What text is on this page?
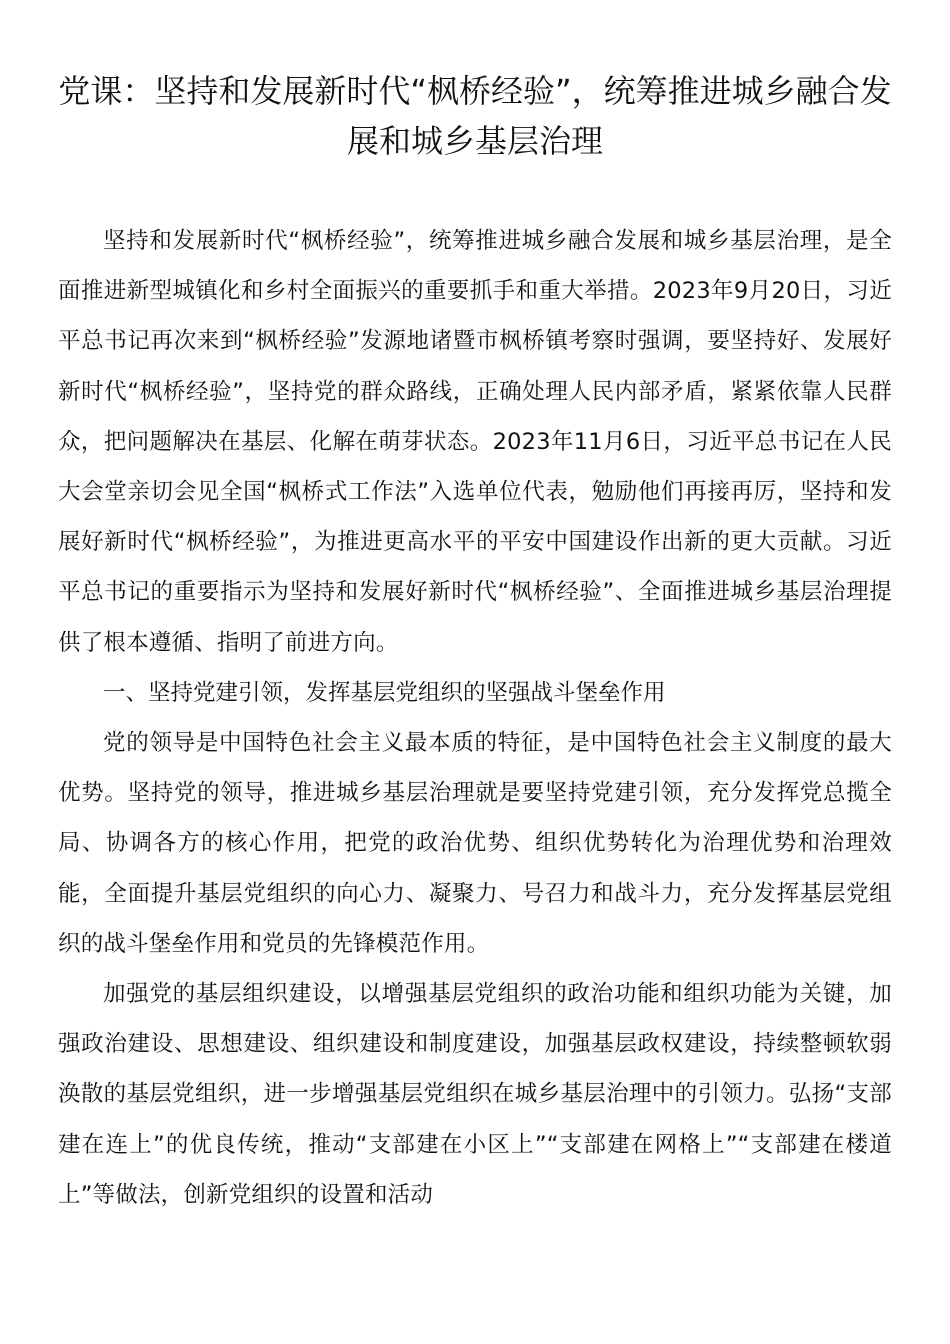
党课：坚持和发展新时代“枫桥经验”，统筹推进城乡融合发展和城乡基层治理

坚持和发展新时代“枫桥经验”，统筹推进城乡融合发展和城乡基层治理，是全面推进新型城镇化和乡村全面振兴的重要抓手和重大举措。2023年9月20日，习近平总书记再次来到“枫桥经验”发源地诸暨市枫桥镇考察时强调，要坚持好、发展好新时代“枫桥经验”，坚持党的群众路线，正确处理人民内部矛盾，紧紧依靠人民群众，把问题解决在基层、化解在萌芽状态。2023年11月6日，习近平总书记在人民大会堂亲切会见全国“枫桥式工作法”入选单位代表，勉励他们再接再厉，坚持和发展好新时代“枫桥经验”，为推进更高水平的平安中国建设作出新的更大贡献。习近平总书记的重要指示为坚持和发展好新时代“枫桥经验”、全面推进城乡基层治理提供了根本遵循、指明了前进方向。

一、坚持党建引领，发挥基层党组织的坚强战斗堡垒作用

党的领导是中国特色社会主义最本质的特征，是中国特色社会主义制度的最大优势。坚持党的领导，推进城乡基层治理就是要坚持党建引领，充分发挥党总揽全局、协调各方的核心作用，把党的政治优势、组织优势转化为治理优势和治理效能，全面提升基层党组织的向心力、凝聚力、号召力和战斗力，充分发挥基层党组织的战斗堡垒作用和党员的先锋模范作用。

加强党的基层组织建设，以增强基层党组织的政治功能和组织功能为关键，加强政治建设、思想建设、组织建设和制度建设，加强基层政权建设，持续整顿软弱涣散的基层党组织，进一步增强基层党组织在城乡基层治理中的引领力。弘扬“支部建在连上”的优良传统，推动“支部建在小区上”“支部建在网格上”“支部建在楼道上”等做法，创新党组织的设置和活动
